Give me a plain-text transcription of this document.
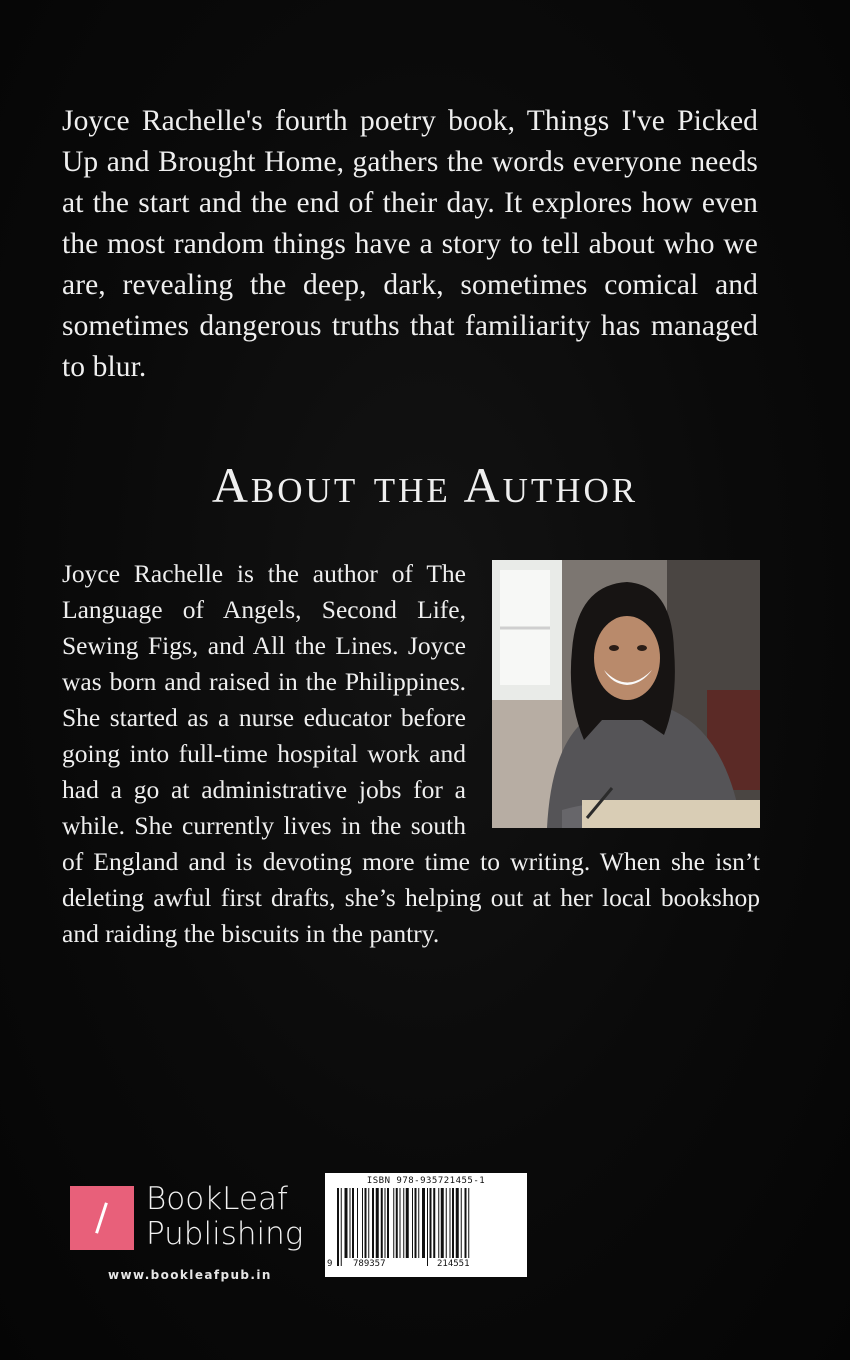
Joyce Rachelle's fourth poetry book, Things I've Picked Up and Brought Home, gathers the words everyone needs at the start and the end of their day. It explores how even the most random things have a story to tell about who we are, revealing the deep, dark, sometimes comical and sometimes dangerous truths that familiarity has managed to blur.

About the Author

Joyce Rachelle is the author of The Language of Angels, Second Life, Sewing Figs, and All the Lines. Joyce was born and raised in the Philippines. She started as a nurse educator before going into full-time hospital work and had a go at administrative jobs for a while. She currently lives in the south of England and is devoting more time to writing. When she isn’t deleting awful first drafts, she’s helping out at her local bookshop and raiding the biscuits in the pantry.

BookLeaf
Publishing
www.bookleafpub.in
ISBN 978-935721455-1
9 789357	214551
